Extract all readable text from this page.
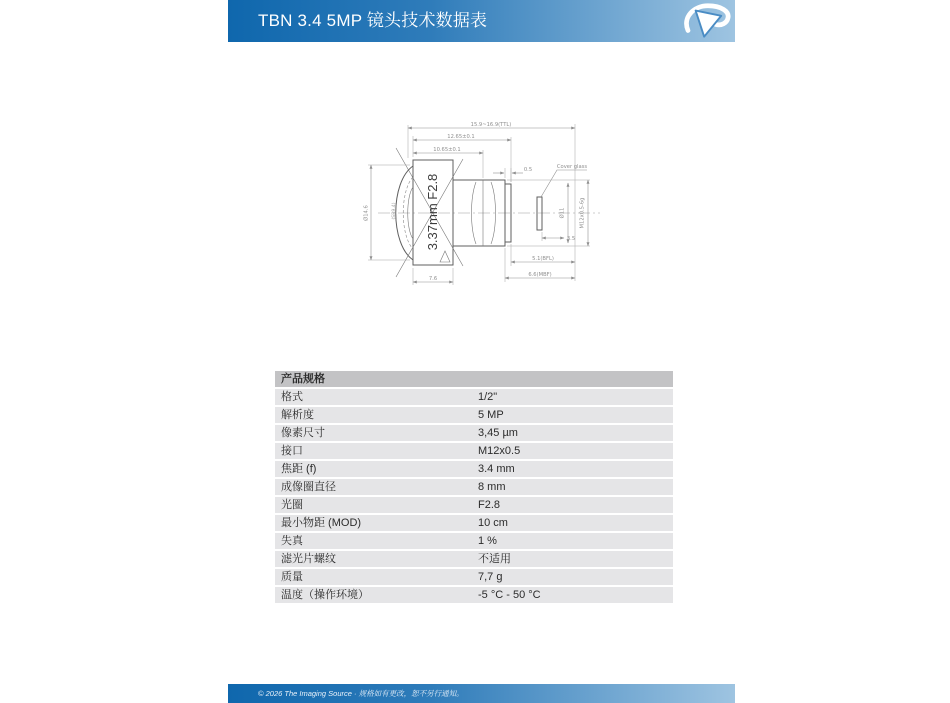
TBN 3.4 5MP 镜头技术数据表
15.9~16.9(TTL)
12.65±0.1
10.65±0.1
0.5	Cover glass
Ø11	M12x0.5-6g
3.5
5.1(BFL)
6.6(MBF)
Ø14.6	(SR9.4)
7.6
3.37mm F2.8
产品规格
格式	1/2"
解析度	5 MP
像素尺寸	3,45 µm
接口	M12x0.5
焦距 (f)	3.4 mm
成像圈直径	8 mm
光圈	F2.8
最小物距 (MOD)	10 cm
失真	1 %
滤光片螺纹	不适用
质量	7,7 g
温度（操作环境）	-5 °C - 50 °C
© 2026 The Imaging Source · 规格如有更改，恕不另行通知。
